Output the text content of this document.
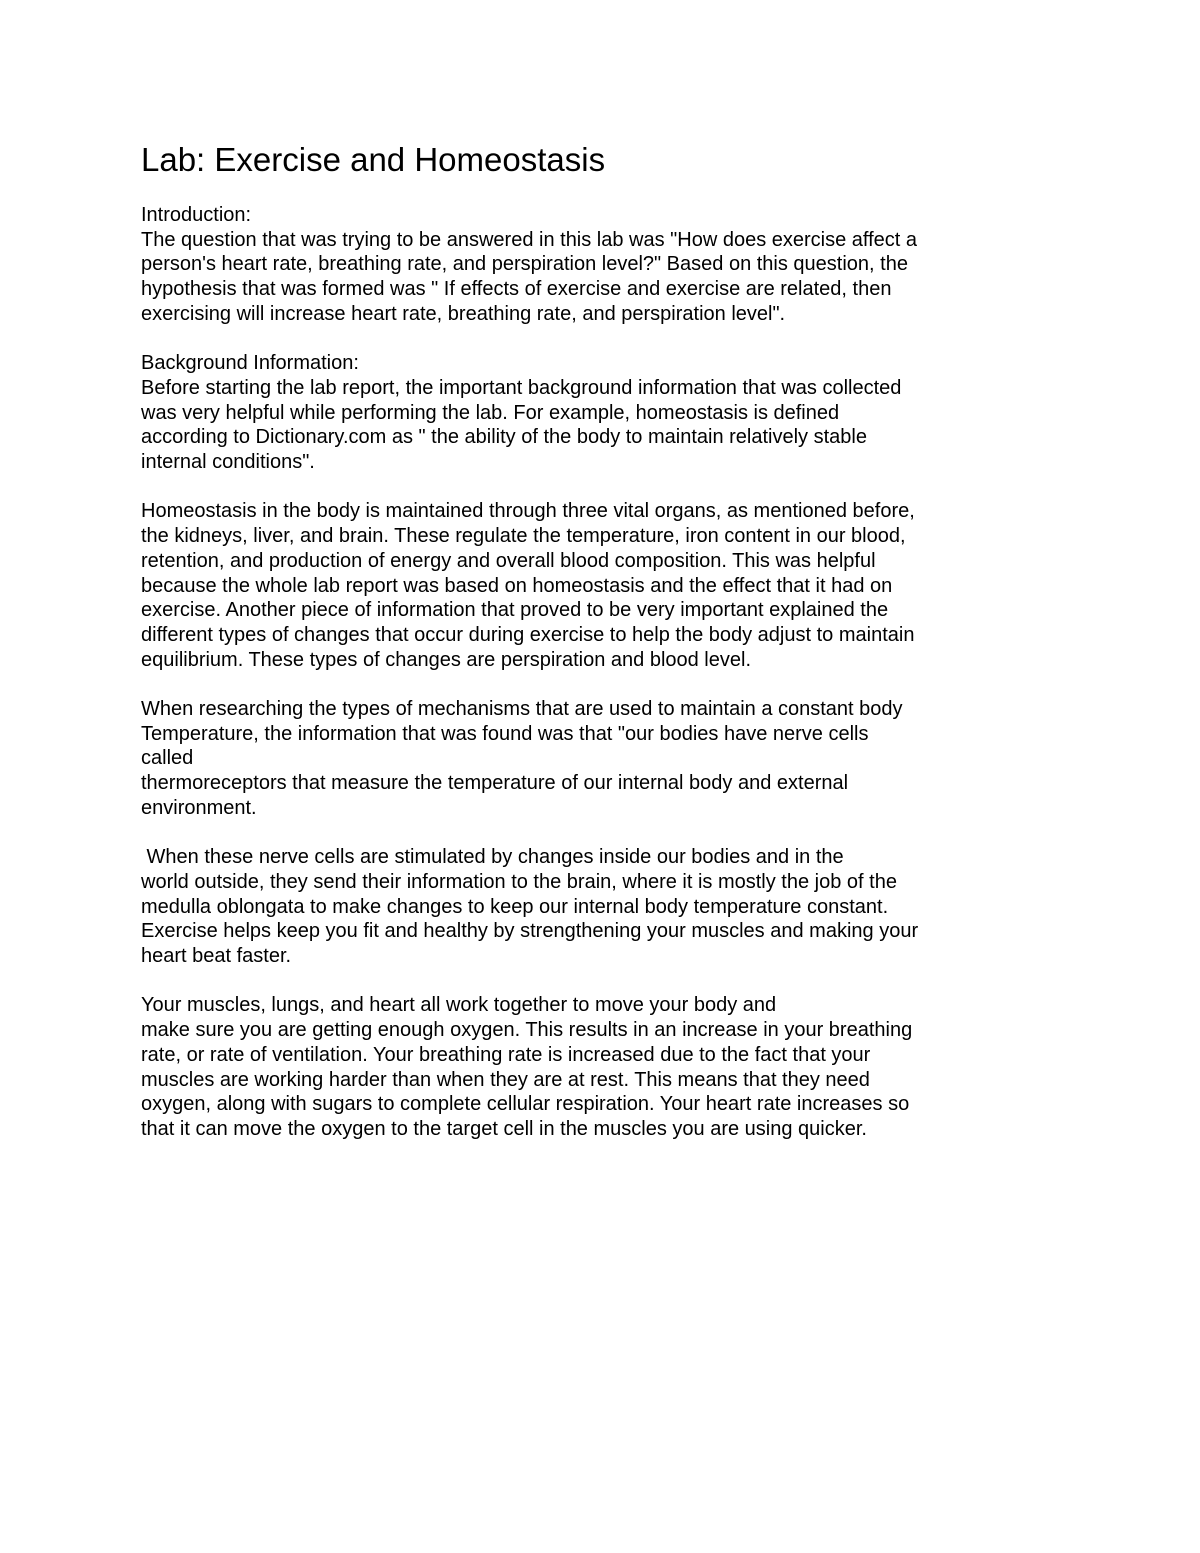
Lab: Exercise and Homeostasis
Introduction:
The question that was trying to be answered in this lab was "How does exercise affect a
person's heart rate, breathing rate, and perspiration level?" Based on this question, the
hypothesis that was formed was " If effects of exercise and exercise are related, then
exercising will increase heart rate, breathing rate, and perspiration level".
Background Information:
Before starting the lab report, the important background information that was collected
was very helpful while performing the lab. For example, homeostasis is defined
according to Dictionary.com as " the ability of the body to maintain relatively stable
internal conditions".
Homeostasis in the body is maintained through three vital organs, as mentioned before,
the kidneys, liver, and brain. These regulate the temperature, iron content in our blood,
retention, and production of energy and overall blood composition. This was helpful
because the whole lab report was based on homeostasis and the effect that it had on
exercise. Another piece of information that proved to be very important explained the
different types of changes that occur during exercise to help the body adjust to maintain
equilibrium. These types of changes are perspiration and blood level.
When researching the types of mechanisms that are used to maintain a constant body
Temperature, the information that was found was that "our bodies have nerve cells
called
thermoreceptors that measure the temperature of our internal body and external
environment.
When these nerve cells are stimulated by changes inside our bodies and in the
world outside, they send their information to the brain, where it is mostly the job of the
medulla oblongata to make changes to keep our internal body temperature constant.
Exercise helps keep you fit and healthy by strengthening your muscles and making your
heart beat faster.
Your muscles, lungs, and heart all work together to move your body and
make sure you are getting enough oxygen. This results in an increase in your breathing
rate, or rate of ventilation. Your breathing rate is increased due to the fact that your
muscles are working harder than when they are at rest. This means that they need
oxygen, along with sugars to complete cellular respiration. Your heart rate increases so
that it can move the oxygen to the target cell in the muscles you are using quicker.
